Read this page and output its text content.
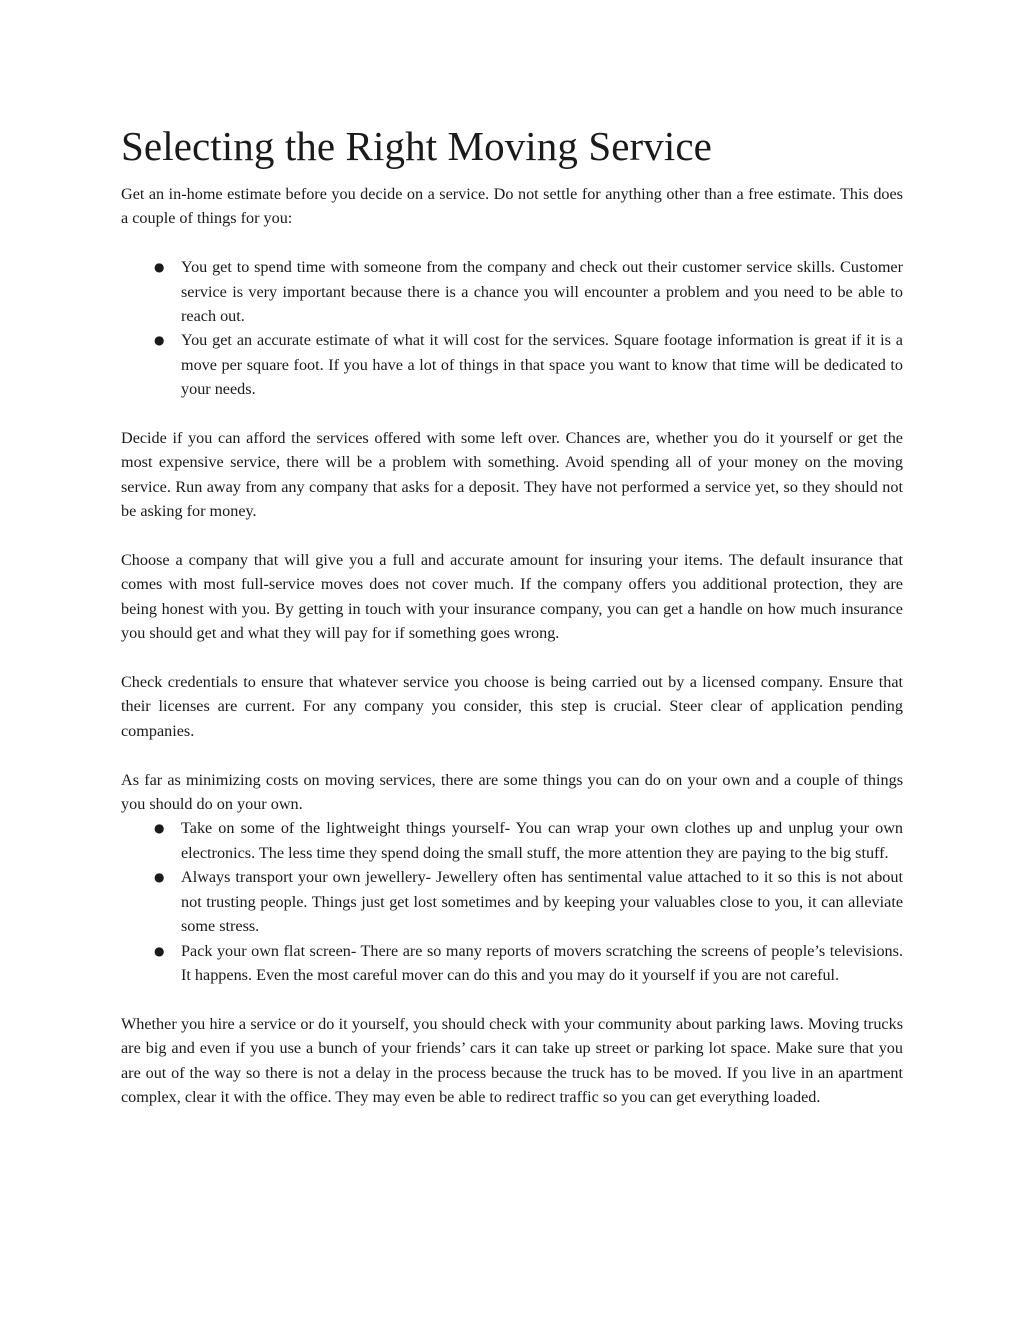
Selecting the Right Moving Service

Get an in-home estimate before you decide on a service. Do not settle for anything other than a free estimate. This does a couple of things for you:

● You get to spend time with someone from the company and check out their customer service skills. Customer service is very important because there is a chance you will encounter a problem and you need to be able to reach out.
● You get an accurate estimate of what it will cost for the services. Square footage information is great if it is a move per square foot. If you have a lot of things in that space you want to know that time will be dedicated to your needs.

Decide if you can afford the services offered with some left over. Chances are, whether you do it yourself or get the most expensive service, there will be a problem with something. Avoid spending all of your money on the moving service. Run away from any company that asks for a deposit. They have not performed a service yet, so they should not be asking for money.

Choose a company that will give you a full and accurate amount for insuring your items. The default insurance that comes with most full-service moves does not cover much. If the company offers you additional protection, they are being honest with you. By getting in touch with your insurance company, you can get a handle on how much insurance you should get and what they will pay for if something goes wrong.

Check credentials to ensure that whatever service you choose is being carried out by a licensed company. Ensure that their licenses are current. For any company you consider, this step is crucial. Steer clear of application pending companies.

As far as minimizing costs on moving services, there are some things you can do on your own and a couple of things you should do on your own.

● Take on some of the lightweight things yourself- You can wrap your own clothes up and unplug your own electronics. The less time they spend doing the small stuff, the more attention they are paying to the big stuff.
● Always transport your own jewellery- Jewellery often has sentimental value attached to it so this is not about not trusting people. Things just get lost sometimes and by keeping your valuables close to you, it can alleviate some stress.
● Pack your own flat screen- There are so many reports of movers scratching the screens of people’s televisions. It happens. Even the most careful mover can do this and you may do it yourself if you are not careful.

Whether you hire a service or do it yourself, you should check with your community about parking laws. Moving trucks are big and even if you use a bunch of your friends’ cars it can take up street or parking lot space. Make sure that you are out of the way so there is not a delay in the process because the truck has to be moved. If you live in an apartment complex, clear it with the office. They may even be able to redirect traffic so you can get everything loaded.
